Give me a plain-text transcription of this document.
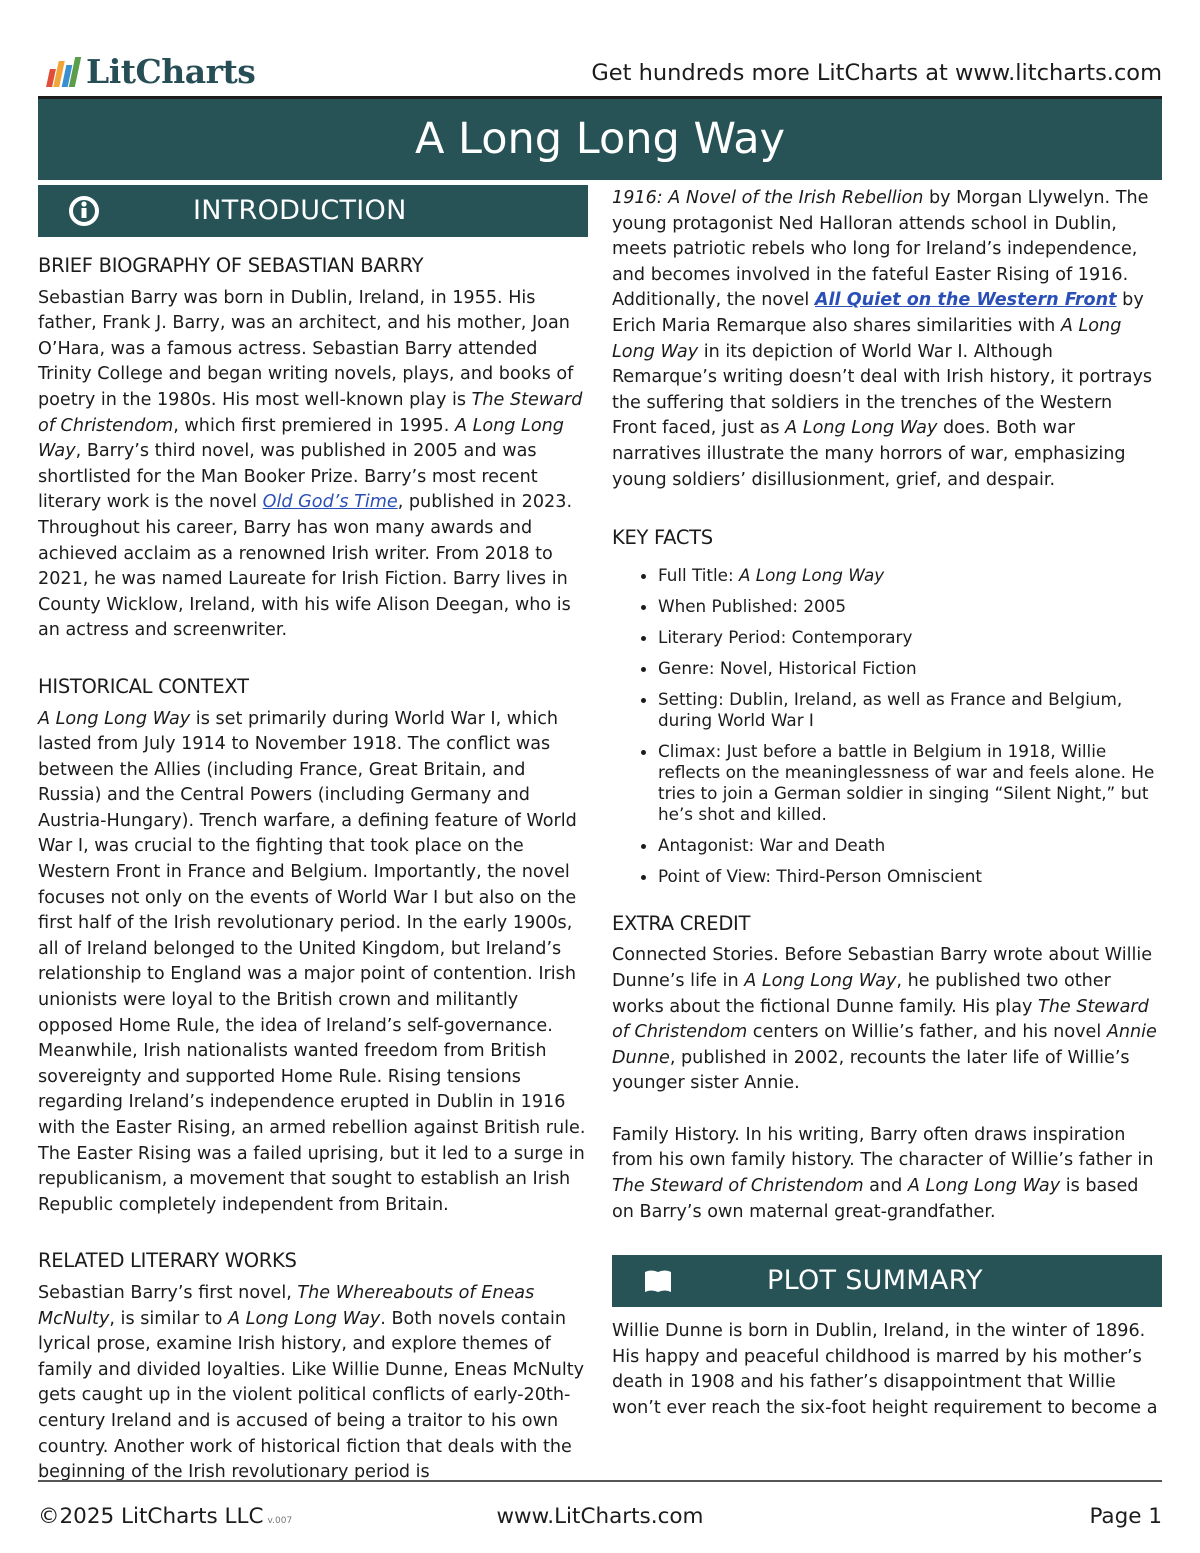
LitCharts	Get hundreds more LitCharts at www.litcharts.com
A Long Long Way
INTRODUCTION
BRIEF BIOGRAPHY OF SEBASTIAN BARRY

Sebastian Barry was born in Dublin, Ireland, in 1955. His father, Frank J. Barry, was an architect, and his mother, Joan O’Hara, was a famous actress. Sebastian Barry attended Trinity College and began writing novels, plays, and books of poetry in the 1980s. His most well-known play is The Steward of Christendom, which first premiered in 1995. A Long Long Way, Barry’s third novel, was published in 2005 and was shortlisted for the Man Booker Prize. Barry’s most recent literary work is the novel Old God’s Time, published in 2023. Throughout his career, Barry has won many awards and achieved acclaim as a renowned Irish writer. From 2018 to 2021, he was named Laureate for Irish Fiction. Barry lives in County Wicklow, Ireland, with his wife Alison Deegan, who is an actress and screenwriter.

HISTORICAL CONTEXT

A Long Long Way is set primarily during World War I, which lasted from July 1914 to November 1918. The conflict was between the Allies (including France, Great Britain, and Russia) and the Central Powers (including Germany and Austria-Hungary). Trench warfare, a defining feature of World War I, was crucial to the fighting that took place on the Western Front in France and Belgium. Importantly, the novel focuses not only on the events of World War I but also on the first half of the Irish revolutionary period. In the early 1900s, all of Ireland belonged to the United Kingdom, but Ireland’s relationship to England was a major point of contention. Irish unionists were loyal to the British crown and militantly opposed Home Rule, the idea of Ireland’s self-governance. Meanwhile, Irish nationalists wanted freedom from British sovereignty and supported Home Rule. Rising tensions regarding Ireland’s independence erupted in Dublin in 1916 with the Easter Rising, an armed rebellion against British rule. The Easter Rising was a failed uprising, but it led to a surge in republicanism, a movement that sought to establish an Irish Republic completely independent from Britain.

RELATED LITERARY WORKS

Sebastian Barry’s first novel, The Whereabouts of Eneas McNulty, is similar to A Long Long Way. Both novels contain lyrical prose, examine Irish history, and explore themes of family and divided loyalties. Like Willie Dunne, Eneas McNulty gets caught up in the violent political conflicts of early-20th-century Ireland and is accused of being a traitor to his own country. Another work of historical fiction that deals with the beginning of the Irish revolutionary period is

1916: A Novel of the Irish Rebellion by Morgan Llywelyn. The young protagonist Ned Halloran attends school in Dublin, meets patriotic rebels who long for Ireland’s independence, and becomes involved in the fateful Easter Rising of 1916. Additionally, the novel All Quiet on the Western Front by Erich Maria Remarque also shares similarities with A Long Long Way in its depiction of World War I. Although Remarque’s writing doesn’t deal with Irish history, it portrays the suffering that soldiers in the trenches of the Western Front faced, just as A Long Long Way does. Both war narratives illustrate the many horrors of war, emphasizing young soldiers’ disillusionment, grief, and despair.

KEY FACTS
• Full Title: A Long Long Way
• When Published: 2005
• Literary Period: Contemporary
• Genre: Novel, Historical Fiction
• Setting: Dublin, Ireland, as well as France and Belgium, during World War I
• Climax: Just before a battle in Belgium in 1918, Willie reflects on the meaninglessness of war and feels alone. He tries to join a German soldier in singing “Silent Night,” but he’s shot and killed.
• Antagonist: War and Death
• Point of View: Third-Person Omniscient
EXTRA CREDIT

Connected Stories. Before Sebastian Barry wrote about Willie Dunne’s life in A Long Long Way, he published two other works about the fictional Dunne family. His play The Steward of Christendom centers on Willie’s father, and his novel Annie Dunne, published in 2002, recounts the later life of Willie’s younger sister Annie.

Family History. In his writing, Barry often draws inspiration from his own family history. The character of Willie’s father in The Steward of Christendom and A Long Long Way is based on Barry’s own maternal great-grandfather.

PLOT SUMMARY

Willie Dunne is born in Dublin, Ireland, in the winter of 1896. His happy and peaceful childhood is marred by his mother’s death in 1908 and his father’s disappointment that Willie won’t ever reach the six-foot height requirement to become a

©2025 LitCharts LLC v.007	www.LitCharts.com	Page 1
